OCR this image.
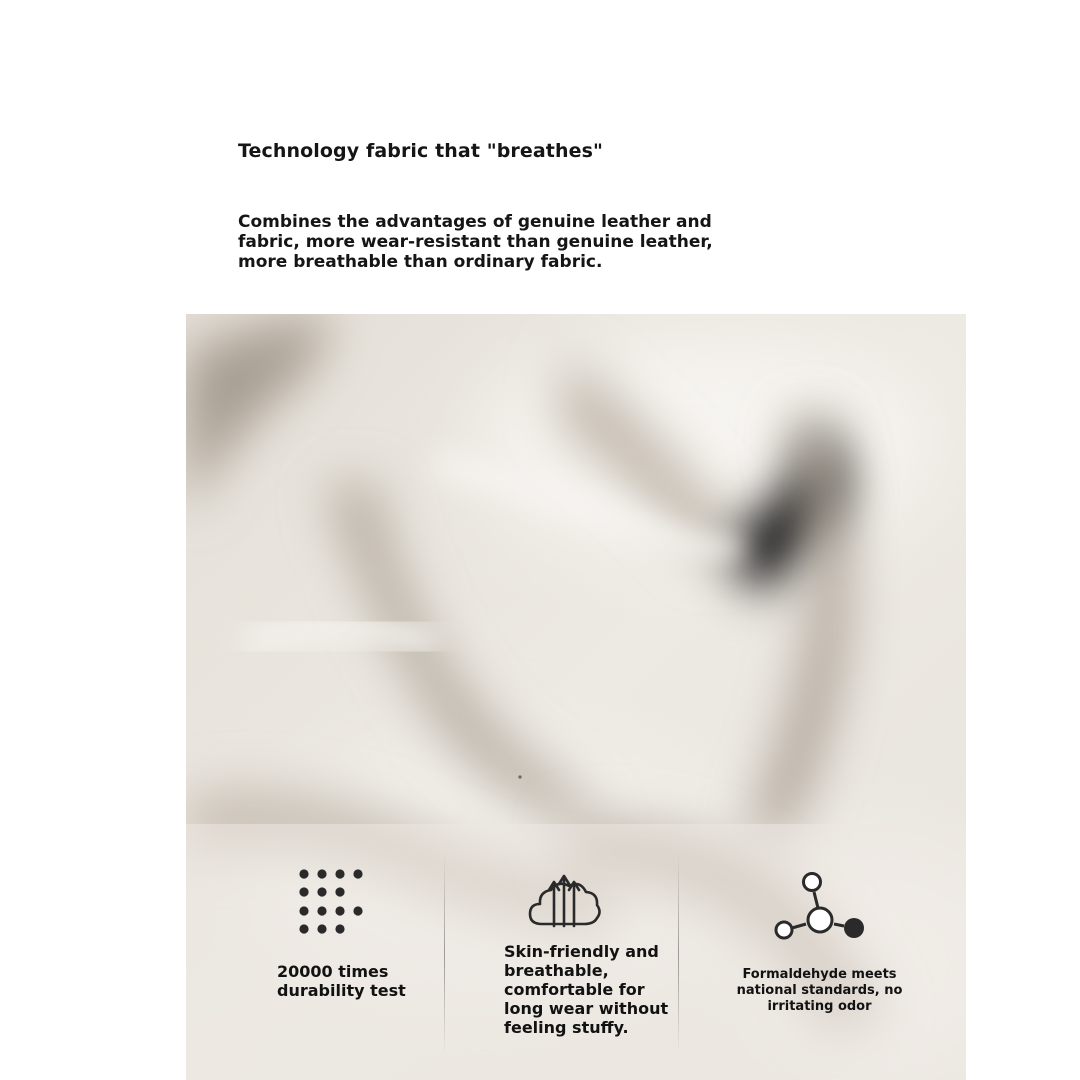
Technology fabric that "breathes"

Combines the advantages of genuine leather and fabric, more wear-resistant than genuine leather, more breathable than ordinary fabric.

20000 times durability test

Skin-friendly and breathable, comfortable for long wear without feeling stuffy.

Formaldehyde meets national standards, no irritating odor
